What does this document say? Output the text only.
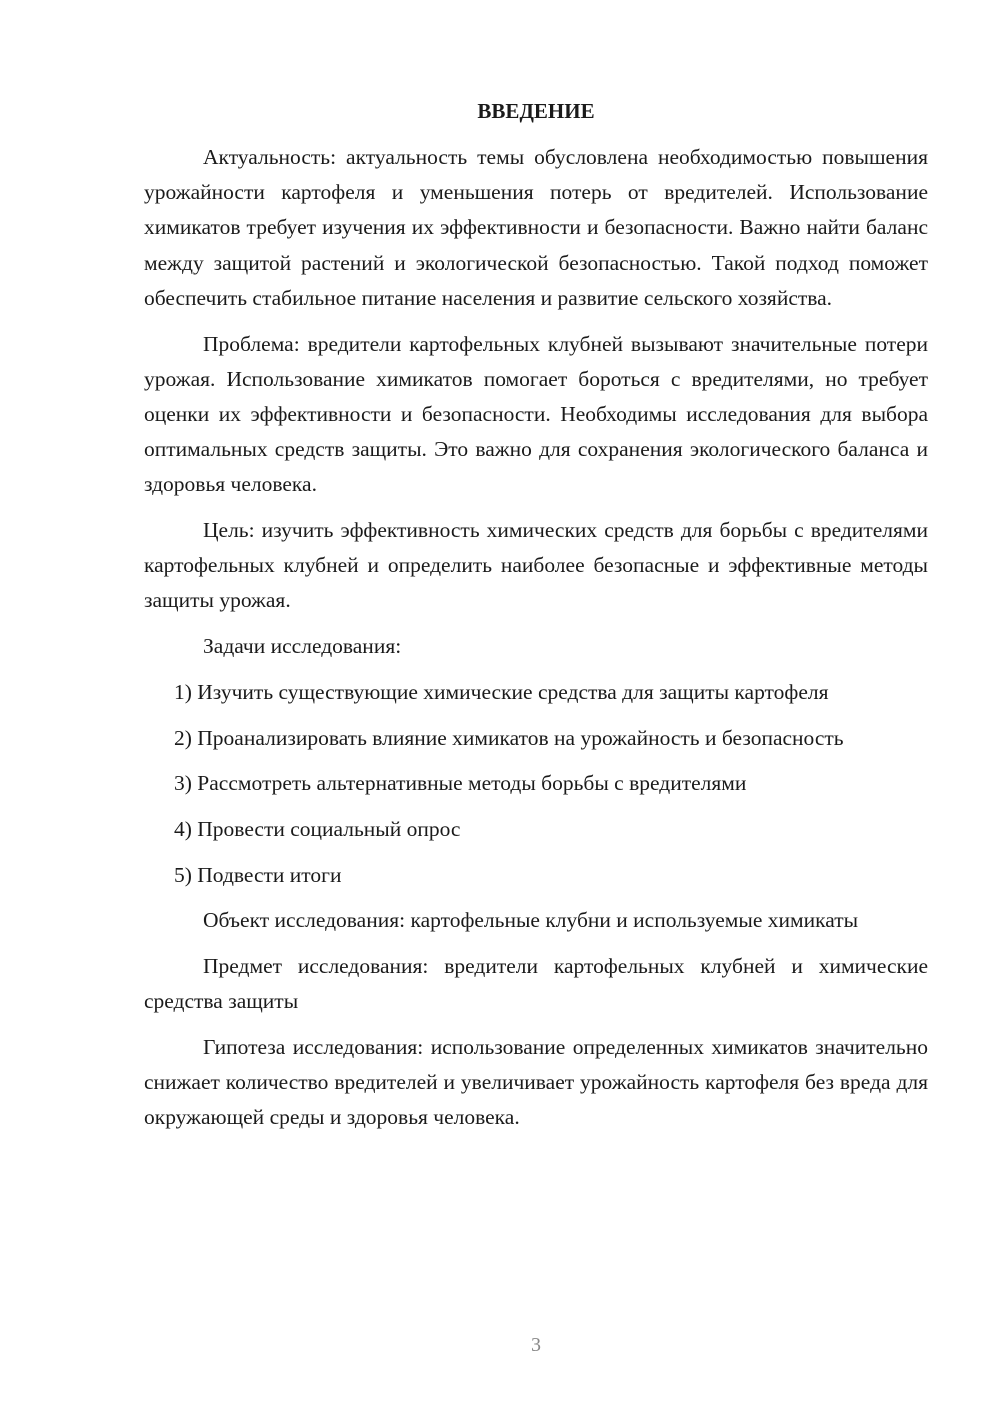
ВВЕДЕНИЕ

Актуальность: актуальность темы обусловлена необходимостью повышения урожайности картофеля и уменьшения потерь от вредителей. Использование химикатов требует изучения их эффективности и безопасности. Важно найти баланс между защитой растений и экологической безопасностью. Такой подход поможет обеспечить стабильное питание населения и развитие сельского хозяйства.

Проблема: вредители картофельных клубней вызывают значительные потери урожая. Использование химикатов помогает бороться с вредителями, но требует оценки их эффективности и безопасности. Необходимы исследования для выбора оптимальных средств защиты. Это важно для сохранения экологического баланса и здоровья человека.

Цель: изучить эффективность химических средств для борьбы с вредителями картофельных клубней и определить наиболее безопасные и эффективные методы защиты урожая.

Задачи исследования:

1) Изучить существующие химические средства для защиты картофеля

2) Проанализировать влияние химикатов на урожайность и безопасность

3) Рассмотреть альтернативные методы борьбы с вредителями

4) Провести социальный опрос

5) Подвести итоги

Объект исследования: картофельные клубни и используемые химикаты

Предмет исследования: вредители картофельных клубней и химические средства защиты

Гипотеза исследования: использование определенных химикатов значительно снижает количество вредителей и увеличивает урожайность картофеля без вреда для окружающей среды и здоровья человека.

3
